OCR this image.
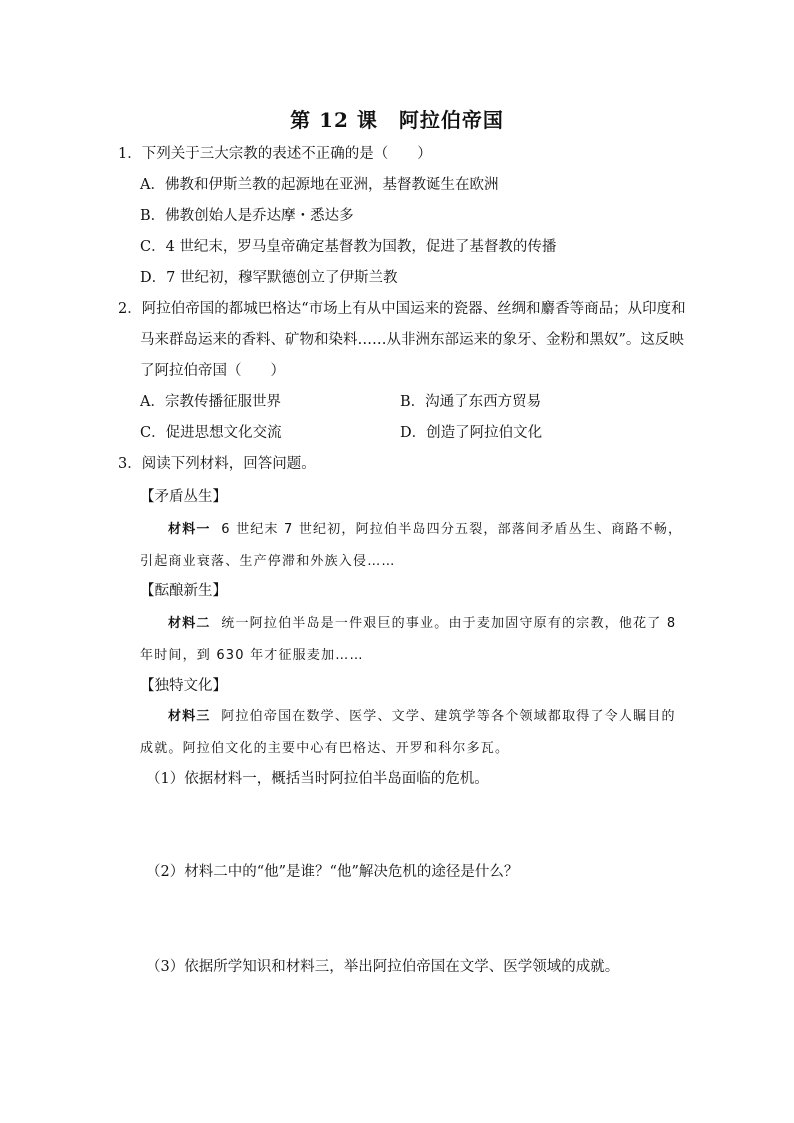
第 12 课　阿拉伯帝国
1．下列关于三大宗教的表述不正确的是（　　）
A．佛教和伊斯兰教的起源地在亚洲，基督教诞生在欧洲
B．佛教创始人是乔达摩・悉达多
C．4 世纪末，罗马皇帝确定基督教为国教，促进了基督教的传播
D．7 世纪初，穆罕默德创立了伊斯兰教
2．阿拉伯帝国的都城巴格达“市场上有从中国运来的瓷器、丝绸和麝香等商品；从印度和
马来群岛运来的香料、矿物和染料……从非洲东部运来的象牙、金粉和黑奴”。这反映
了阿拉伯帝国（　　）
A．宗教传播征服世界	B．沟通了东西方贸易
C．促进思想文化交流	D．创造了阿拉伯文化
3．阅读下列材料，回答问题。
【矛盾丛生】
材料一 6 世纪末 7 世纪初，阿拉伯半岛四分五裂，部落间矛盾丛生、商路不畅，
引起商业衰落、生产停滞和外族入侵……
【酝酿新生】
材料二 统一阿拉伯半岛是一件艰巨的事业。由于麦加固守原有的宗教，他花了 8
年时间，到 630 年才征服麦加……
【独特文化】
材料三 阿拉伯帝国在数学、医学、文学、建筑学等各个领域都取得了令人瞩目的
成就。阿拉伯文化的主要中心有巴格达、开罗和科尔多瓦。
（1）依据材料一，概括当时阿拉伯半岛面临的危机。
（2）材料二中的“他”是谁？“他”解决危机的途径是什么？
（3）依据所学知识和材料三，举出阿拉伯帝国在文学、医学领域的成就。
